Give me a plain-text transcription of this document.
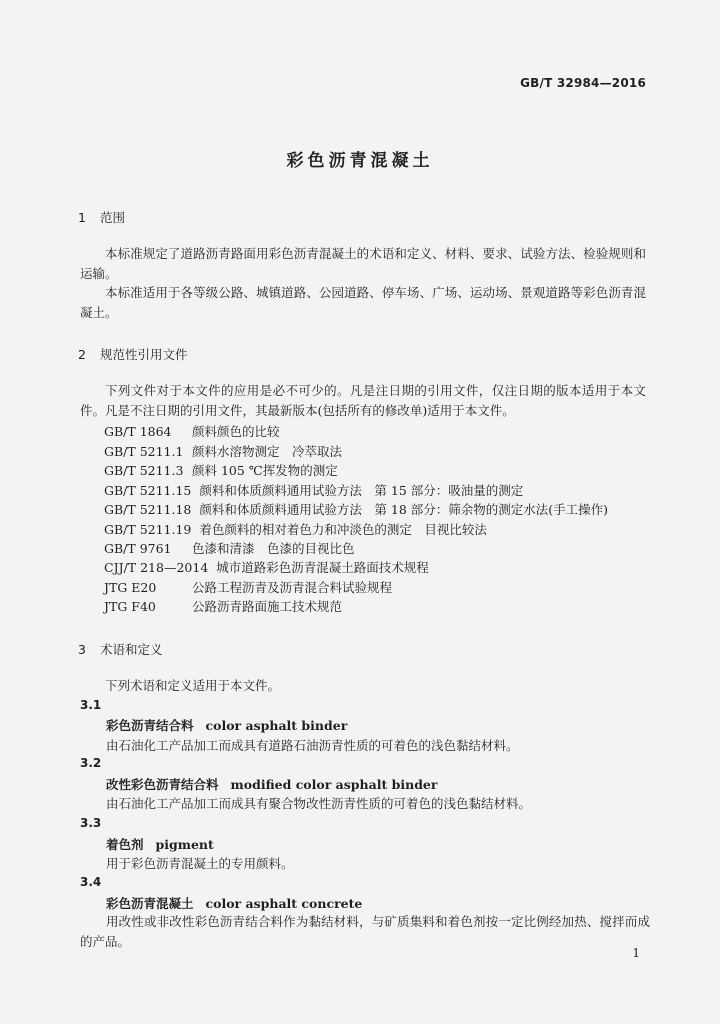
GB/T 32984—2016
彩色沥青混凝土
1 范围
本标准规定了道路沥青路面用彩色沥青混凝土的术语和定义、材料、要求、试验方法、检验规则和运输。
本标准适用于各等级公路、城镇道路、公园道路、停车场、广场、运动场、景观道路等彩色沥青混凝土。
2 规范性引用文件
下列文件对于本文件的应用是必不可少的。凡是注日期的引用文件，仅注日期的版本适用于本文件。凡是不注日期的引用文件，其最新版本(包括所有的修改单)适用于本文件。
GB/T 1864 颜料颜色的比较
GB/T 5211.1 颜料水溶物测定　冷萃取法
GB/T 5211.3 颜料 105 ℃挥发物的测定
GB/T 5211.15 颜料和体质颜料通用试验方法　第 15 部分：吸油量的测定
GB/T 5211.18 颜料和体质颜料通用试验方法　第 18 部分：筛余物的测定水法(手工操作)
GB/T 5211.19 着色颜料的相对着色力和冲淡色的测定　目视比较法
GB/T 9761 色漆和清漆　色漆的目视比色
CJJ/T 218—2014 城市道路彩色沥青混凝土路面技术规程
JTG E20	公路工程沥青及沥青混合料试验规程
JTG F40	公路沥青路面施工技术规范
3 术语和定义
下列术语和定义适用于本文件。
3.1
彩色沥青结合料 color asphalt binder
由石油化工产品加工而成具有道路石油沥青性质的可着色的浅色黏结材料。
3.2
改性彩色沥青结合料 modified color asphalt binder
由石油化工产品加工而成具有聚合物改性沥青性质的可着色的浅色黏结材料。
3.3
着色剂 pigment
用于彩色沥青混凝土的专用颜料。
3.4
彩色沥青混凝土 color asphalt concrete
用改性或非改性彩色沥青结合料作为黏结材料，与矿质集料和着色剂按一定比例经加热、搅拌而成的产品。
1
